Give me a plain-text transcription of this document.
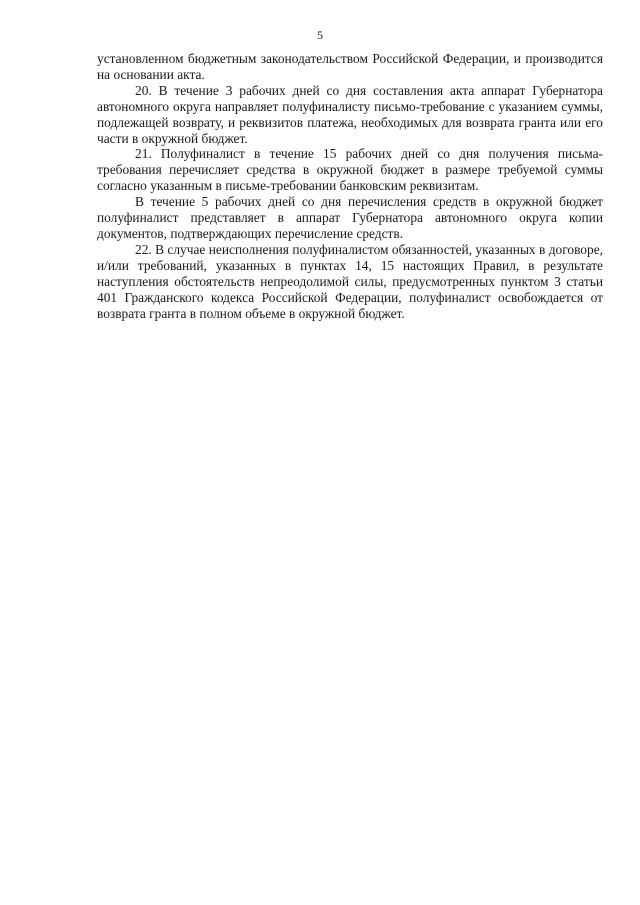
5

установленном бюджетным законодательством Российской Федерации, и производится на основании акта.

20. В течение 3 рабочих дней со дня составления акта аппарат Губернатора автономного округа направляет полуфиналисту письмо-требование с указанием суммы, подлежащей возврату, и реквизитов платежа, необходимых для возврата гранта или его части в окружной бюджет.

21. Полуфиналист в течение 15 рабочих дней со дня получения письма-требования перечисляет средства в окружной бюджет в размере требуемой суммы согласно указанным в письме-требовании банковским реквизитам.

В течение 5 рабочих дней со дня перечисления средств в окружной бюджет полуфиналист представляет в аппарат Губернатора автономного округа копии документов, подтверждающих перечисление средств.

22. В случае неисполнения полуфиналистом обязанностей, указанных в договоре, и/или требований, указанных в пунктах 14, 15 настоящих Правил, в результате наступления обстоятельств непреодолимой силы, предусмотренных пунктом 3 статьи 401 Гражданского кодекса Российской Федерации, полуфиналист освобождается от возврата гранта в полном объеме в окружной бюджет.
